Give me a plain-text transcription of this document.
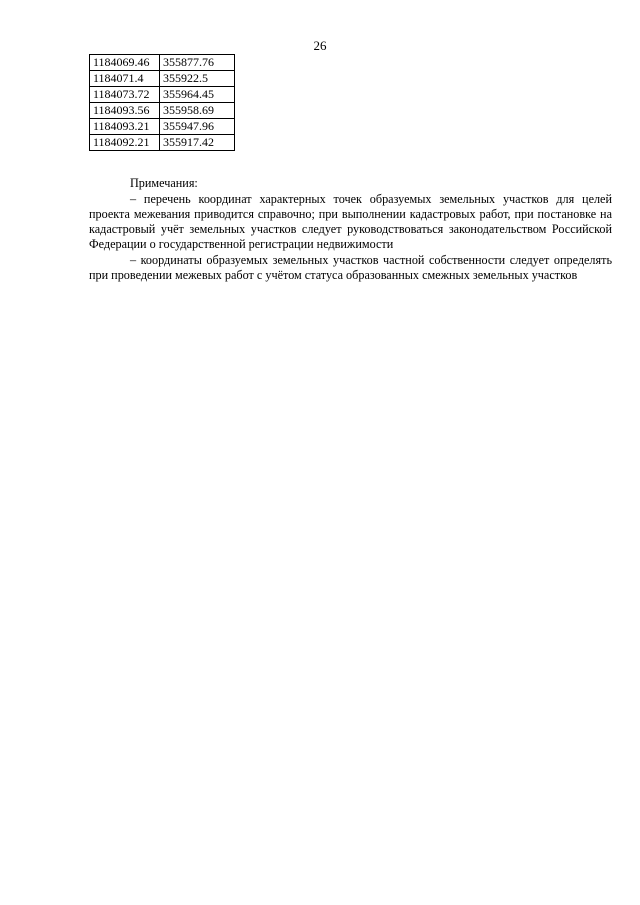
26
1184069.46	355877.76
1184071.4	355922.5
1184073.72	355964.45
1184093.56	355958.69
1184093.21	355947.96
1184092.21	355917.42

Примечания:

– перечень координат характерных точек образуемых земельных участков для целей проекта межевания приводится справочно; при выполнении кадастровых работ, при постановке на кадастровый учёт земельных участков следует руководствоваться законодательством Российской Федерации о государственной регистрации недвижимости

– координаты образуемых земельных участков частной собственности следует определять при проведении межевых работ с учётом статуса образованных смежных земельных участков
